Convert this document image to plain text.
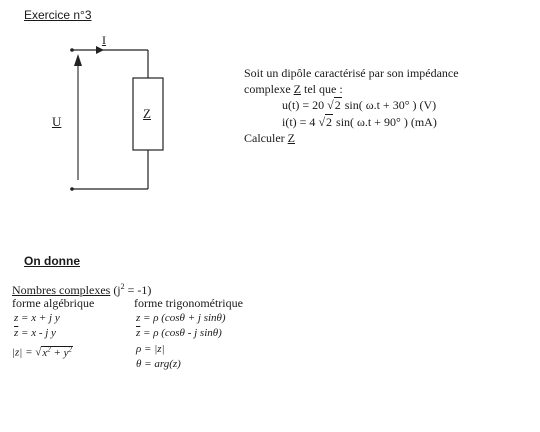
Exercice n°3
I
U
Z
Soit un dipôle caractérisé par son impédance
complexe Z tel que :
u(t) = 20 √2 sin( ω.t + 30° ) (V)
i(t) = 4 √2 sin( ω.t + 90° ) (mA)
Calculer Z
On donne
Nombres complexes $(j^2 = -1)$
forme algébrique	forme trigonométrique
z = x + j y
$\overline{z} = x - j$ y
$|z| = √x^2 + y^2$
z = ρ (cosθ + j sinθ)
$\overline{z} = \rho$ (cosθ - j sinθ)
ρ = |z|
θ = arg(z)
